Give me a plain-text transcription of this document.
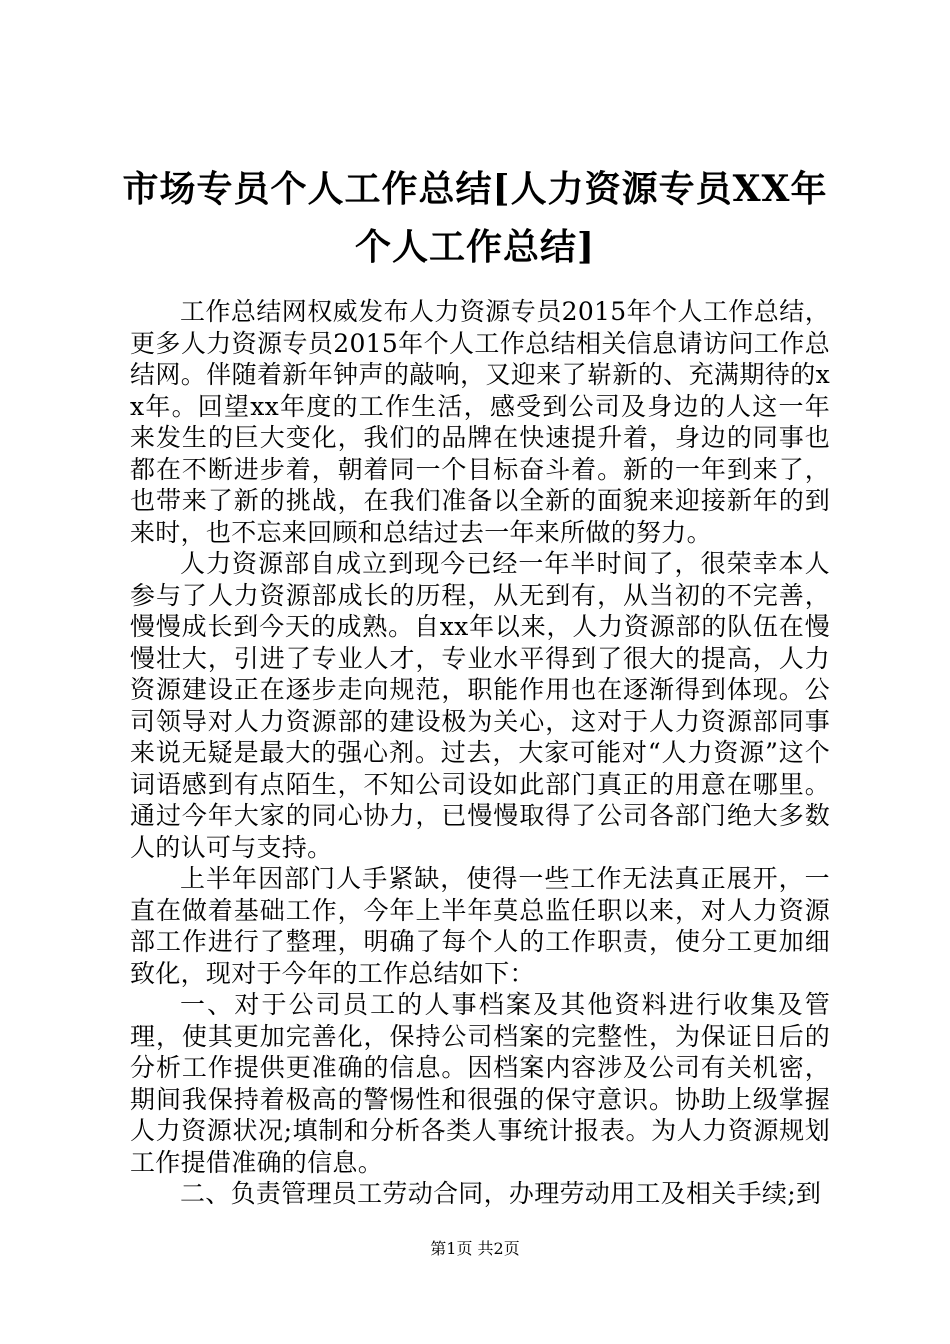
市场专员个人工作总结[人力资源专员XX年个人工作总结]

工作总结网权威发布人力资源专员2015年个人工作总结，更多人力资源专员2015年个人工作总结相关信息请访问工作总结网。伴随着新年钟声的敲响，又迎来了崭新的、充满期待的xx年。回望xx年度的工作生活，感受到公司及身边的人这一年来发生的巨大变化，我们的品牌在快速提升着，身边的同事也都在不断进步着，朝着同一个目标奋斗着。新的一年到来了，也带来了新的挑战，在我们准备以全新的面貌来迎接新年的到来时，也不忘来回顾和总结过去一年来所做的努力。

人力资源部自成立到现今已经一年半时间了，很荣幸本人参与了人力资源部成长的历程，从无到有，从当初的不完善，慢慢成长到今天的成熟。自xx年以来，人力资源部的队伍在慢慢壮大，引进了专业人才，专业水平得到了很大的提高，人力资源建设正在逐步走向规范，职能作用也在逐渐得到体现。公司领导对人力资源部的建设极为关心，这对于人力资源部同事来说无疑是最大的强心剂。过去，大家可能对“人力资源”这个词语感到有点陌生，不知公司设如此部门真正的用意在哪里。通过今年大家的同心协力，已慢慢取得了公司各部门绝大多数人的认可与支持。

上半年因部门人手紧缺，使得一些工作无法真正展开，一直在做着基础工作，今年上半年莫总监任职以来，对人力资源部工作进行了整理，明确了每个人的工作职责，使分工更加细致化，现对于今年的工作总结如下：

一、对于公司员工的人事档案及其他资料进行收集及管理，使其更加完善化，保持公司档案的完整性，为保证日后的分析工作提供更准确的信息。因档案内容涉及公司有关机密，期间我保持着极高的警惕性和很强的保守意识。协助上级掌握人力资源状况;填制和分析各类人事统计报表。为人力资源规划工作提借准确的信息。

二、负责管理员工劳动合同，办理劳动用工及相关手续;到

第1页 共2页
